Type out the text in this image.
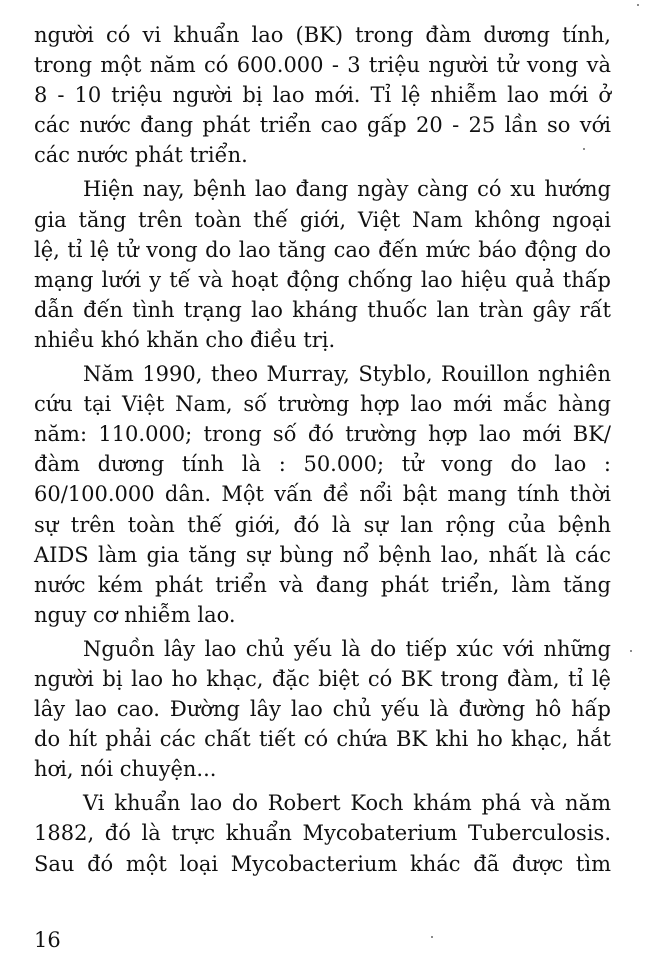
người có vi khuẩn lao (BK) trong đàm dương tính,
trong một năm có 600.000 - 3 triệu người tử vong và
8 - 10 triệu người bị lao mới. Tỉ lệ nhiễm lao mới ở
các nước đang phát triển cao gấp 20 - 25 lần so với
các nước phát triển.
Hiện nay, bệnh lao đang ngày càng có xu hướng
gia tăng trên toàn thế giới, Việt Nam không ngoại
lệ, tỉ lệ tử vong do lao tăng cao đến mức báo động do
mạng lưới y tế và hoạt động chống lao hiệu quả thấp
dẫn đến tình trạng lao kháng thuốc lan tràn gây rất
nhiều khó khăn cho điều trị.
Năm 1990, theo Murray, Styblo, Rouillon nghiên
cứu tại Việt Nam, số trường hợp lao mới mắc hàng
năm: 110.000; trong số đó trường hợp lao mới BK/
đàm dương tính là : 50.000; tử vong do lao :
60/100.000 dân. Một vấn đề nổi bật mang tính thời
sự trên toàn thế giới, đó là sự lan rộng của bệnh
AIDS làm gia tăng sự bùng nổ bệnh lao, nhất là các
nước kém phát triển và đang phát triển, làm tăng
nguy cơ nhiễm lao.
Nguồn lây lao chủ yếu là do tiếp xúc với những
người bị lao ho khạc, đặc biệt có BK trong đàm, tỉ lệ
lây lao cao. Đường lây lao chủ yếu là đường hô hấp
do hít phải các chất tiết có chứa BK khi ho khạc, hắt
hơi, nói chuyện...
Vi khuẩn lao do Robert Koch khám phá và năm
1882, đó là trực khuẩn Mycobaterium Tuberculosis.
Sau đó một loại Mycobacterium khác đã được tìm
16
